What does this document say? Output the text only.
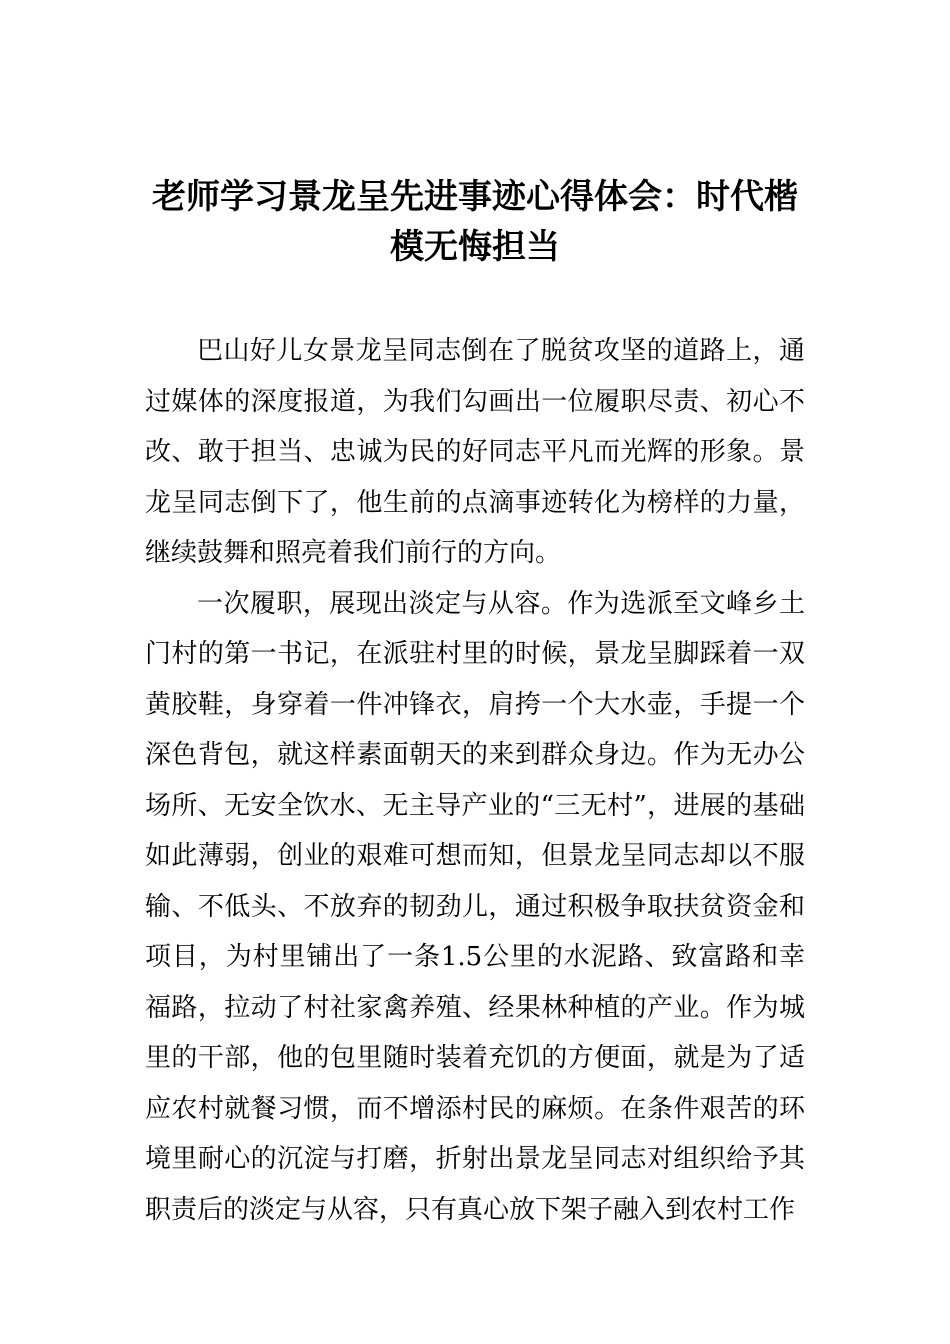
老师学习景龙呈先进事迹心得体会：时代楷模无悔担当

巴山好儿女景龙呈同志倒在了脱贫攻坚的道路上，通过媒体的深度报道，为我们勾画出一位履职尽责、初心不改、敢于担当、忠诚为民的好同志平凡而光辉的形象。景龙呈同志倒下了，他生前的点滴事迹转化为榜样的力量，继续鼓舞和照亮着我们前行的方向。

一次履职，展现出淡定与从容。作为选派至文峰乡土门村的第一书记，在派驻村里的时候，景龙呈脚踩着一双黄胶鞋，身穿着一件冲锋衣，肩挎一个大水壶，手提一个深色背包，就这样素面朝天的来到群众身边。作为无办公场所、无安全饮水、无主导产业的“三无村”，进展的基础如此薄弱，创业的艰难可想而知，但景龙呈同志却以不服输、不低头、不放弃的韧劲儿，通过积极争取扶贫资金和项目，为村里铺出了一条1.5公里的水泥路、致富路和幸福路，拉动了村社家禽养殖、经果林种植的产业。作为城里的干部，他的包里随时装着充饥的方便面，就是为了适应农村就餐习惯，而不增添村民的麻烦。在条件艰苦的环境里耐心的沉淀与打磨，折射出景龙呈同志对组织给予其职责后的淡定与从容，只有真心放下架子融入到农村工作
